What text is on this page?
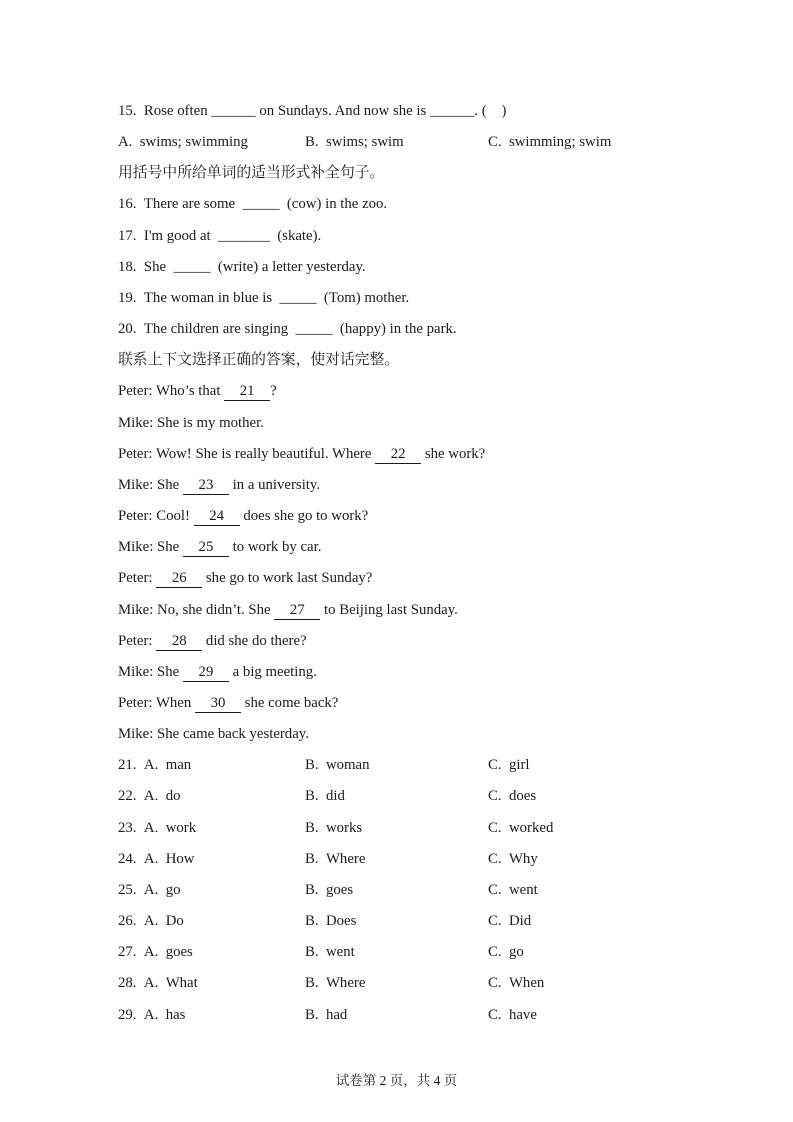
15.  Rose often ______ on Sundays. And now she is ______. (    )
A.  swims; swimming	B.  swims; swim	C.  swimming; swim
用括号中所给单词的适当形式补全句子。
16.  There are some  _____  (cow) in the zoo.
17.  I'm good at  _______  (skate).
18.  She  _____  (write) a letter yesterday.
19.  The woman in blue is  _____  (Tom) mother.
20.  The children are singing  _____  (happy) in the park.
联系上下文选择正确的答案，使对话完整。
Peter: Who’s that 21 ?
Mike: She is my mother.
Peter: Wow! She is really beautiful. Where 22 she work?
Mike: She 23 in a university.
Peter: Cool! 24 does she go to work?
Mike: She 25 to work by car.
Peter: 26 she go to work last Sunday?
Mike: No, she didn’t. She 27 to Beijing last Sunday.
Peter: 28 did she do there?
Mike: She 29 a big meeting.
Peter: When 30 she come back?
Mike: She came back yesterday.
21.  A.  man	B.  woman	C.  girl
22.  A.  do	B.  did	C.  does
23.  A.  work	B.  works	C.  worked
24.  A.  How	B.  Where	C.  Why
25.  A.  go	B.  goes	C.  went
26.  A.  Do	B.  Does	C.  Did
27.  A.  goes	B.  went	C.  go
28.  A.  What	B.  Where	C.  When
29.  A.  has	B.  had	C.  have
试卷第 2 页，共 4 页
